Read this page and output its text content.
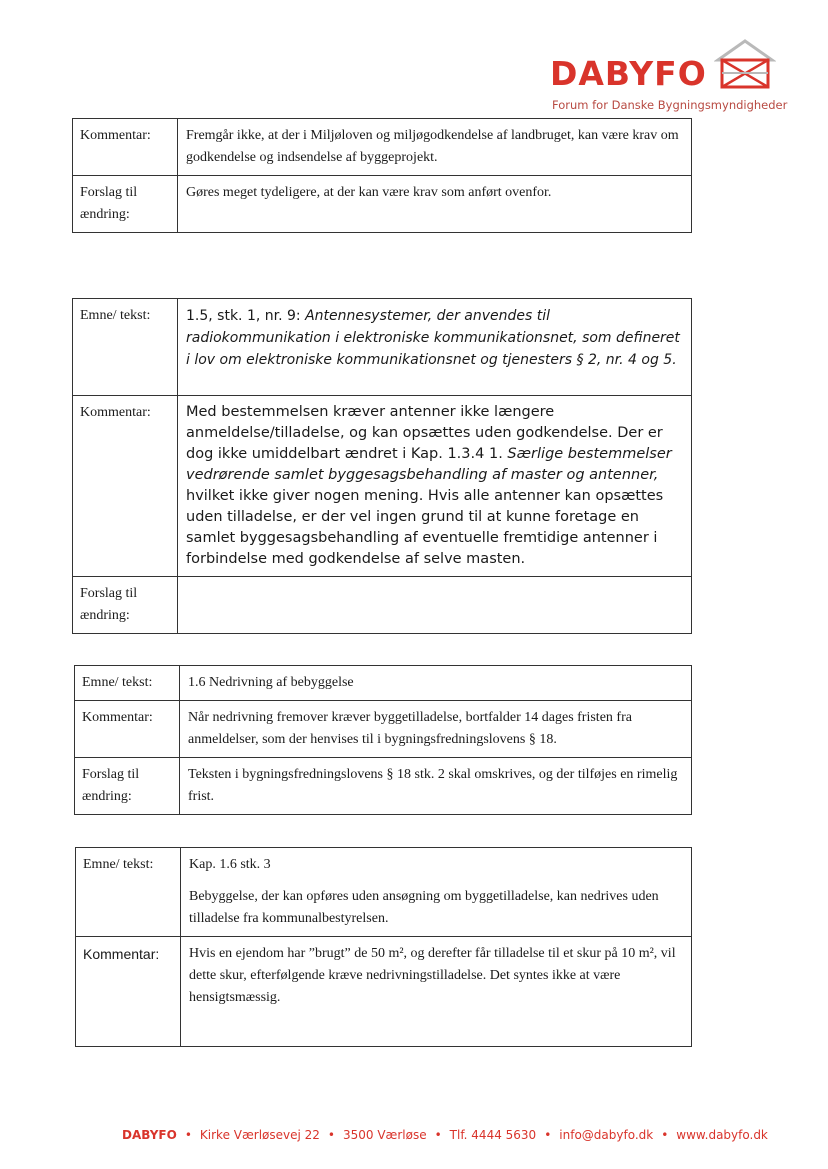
DABYFO
Forum for Danske Bygningsmyndigheder
Kommentar:	Fremgår ikke, at der i Miljøloven og miljøgodkendelse af landbruget, kan være krav om godkendelse og indsendelse af byggeprojekt.
Forslag til ændring:	Gøres meget tydeligere, at der kan være krav som anført ovenfor.
Emne/ tekst:	1.5, stk. 1, nr. 9: Antennesystemer, der anvendes til radiokommunikation i elektroniske kommunikationsnet, som defineret i lov om elektroniske kommunikationsnet og tjenesters § 2, nr. 4 og 5.
Kommentar:	Med bestemmelsen kræver antenner ikke længere anmeldelse/tilladelse, og kan opsættes uden godkendelse. Der er dog ikke umiddelbart ændret i Kap. 1.3.4 1. Særlige bestemmelser vedrørende samlet byggesagsbehandling af master og antenner, hvilket ikke giver nogen mening. Hvis alle antenner kan opsættes uden tilladelse, er der vel ingen grund til at kunne foretage en samlet byggesagsbehandling af eventuelle fremtidige antenner i forbindelse med godkendelse af selve masten.
Forslag til ændring:	
Emne/ tekst:	1.6 Nedrivning af bebyggelse
Kommentar:	Når nedrivning fremover kræver byggetilladelse, bortfalder 14 dages fristen fra anmeldelser, som der henvises til i bygningsfredningslovens § 18.
Forslag til ændring:	Teksten i bygningsfredningslovens § 18 stk. 2 skal omskrives, og der tilføjes en rimelig frist.
Emne/ tekst:	Kap. 1.6 stk. 3
Bebyggelse, der kan opføres uden ansøgning om byggetilladelse, kan nedrives uden tilladelse fra kommunalbestyrelsen.

Kommentar:	Hvis en ejendom har ”brugt” de 50 m², og derefter får tilladelse til et skur på 10 m², vil dette skur, efterfølgende kræve nedrivningstilladelse. Det syntes ikke at være hensigtsmæssig.
DABYFO • Kirke Værløsevej 22 • 3500 Værløse • Tlf. 4444 5630 • info@dabyfo.dk • www.dabyfo.dk
